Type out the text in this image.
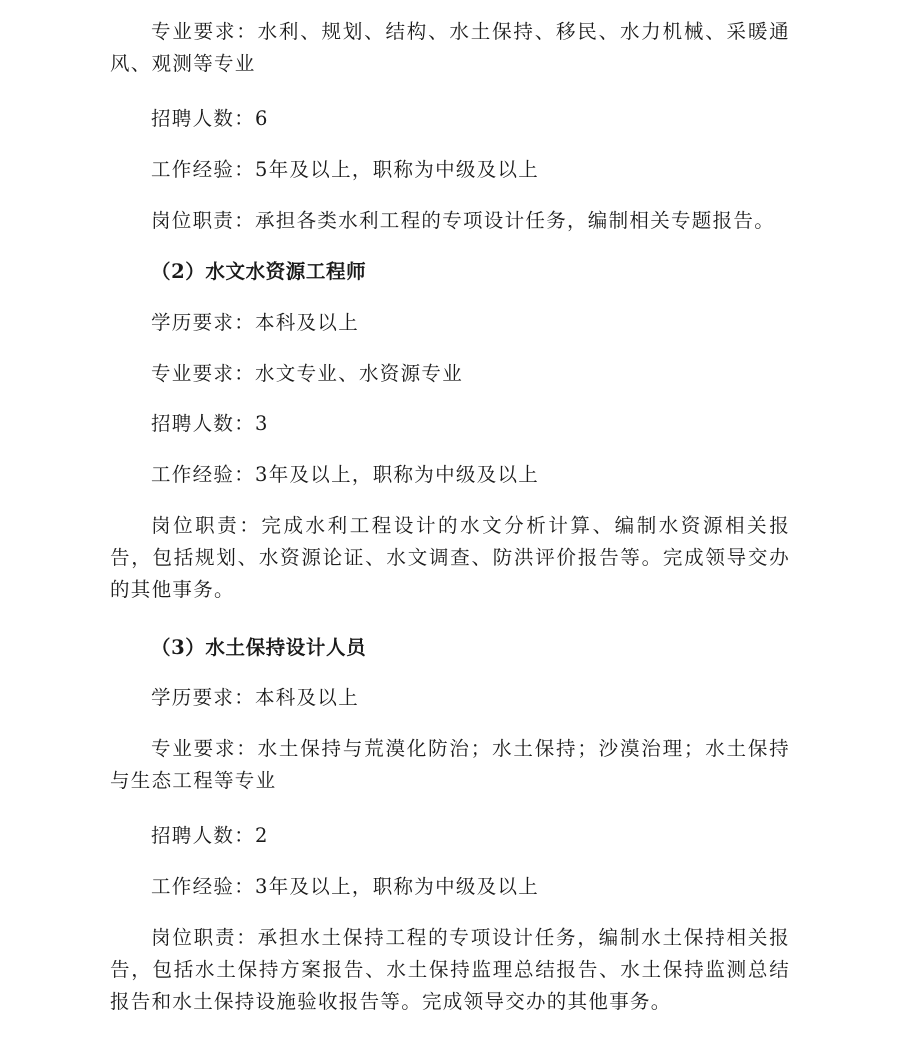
专业要求：水利、规划、结构、水土保持、移民、水力机械、采暖通风、观测等专业

招聘人数：6

工作经验：5年及以上，职称为中级及以上

岗位职责：承担各类水利工程的专项设计任务，编制相关专题报告。

（2）水文水资源工程师

学历要求：本科及以上

专业要求：水文专业、水资源专业

招聘人数：3

工作经验：3年及以上，职称为中级及以上

岗位职责：完成水利工程设计的水文分析计算、编制水资源相关报告，包括规划、水资源论证、水文调查、防洪评价报告等。完成领导交办的其他事务。

（3）水土保持设计人员

学历要求：本科及以上

专业要求：水土保持与荒漠化防治；水土保持；沙漠治理；水土保持与生态工程等专业

招聘人数：2

工作经验：3年及以上，职称为中级及以上

岗位职责：承担水土保持工程的专项设计任务，编制水土保持相关报告，包括水土保持方案报告、水土保持监理总结报告、水土保持监测总结报告和水土保持设施验收报告等。完成领导交办的其他事务。
